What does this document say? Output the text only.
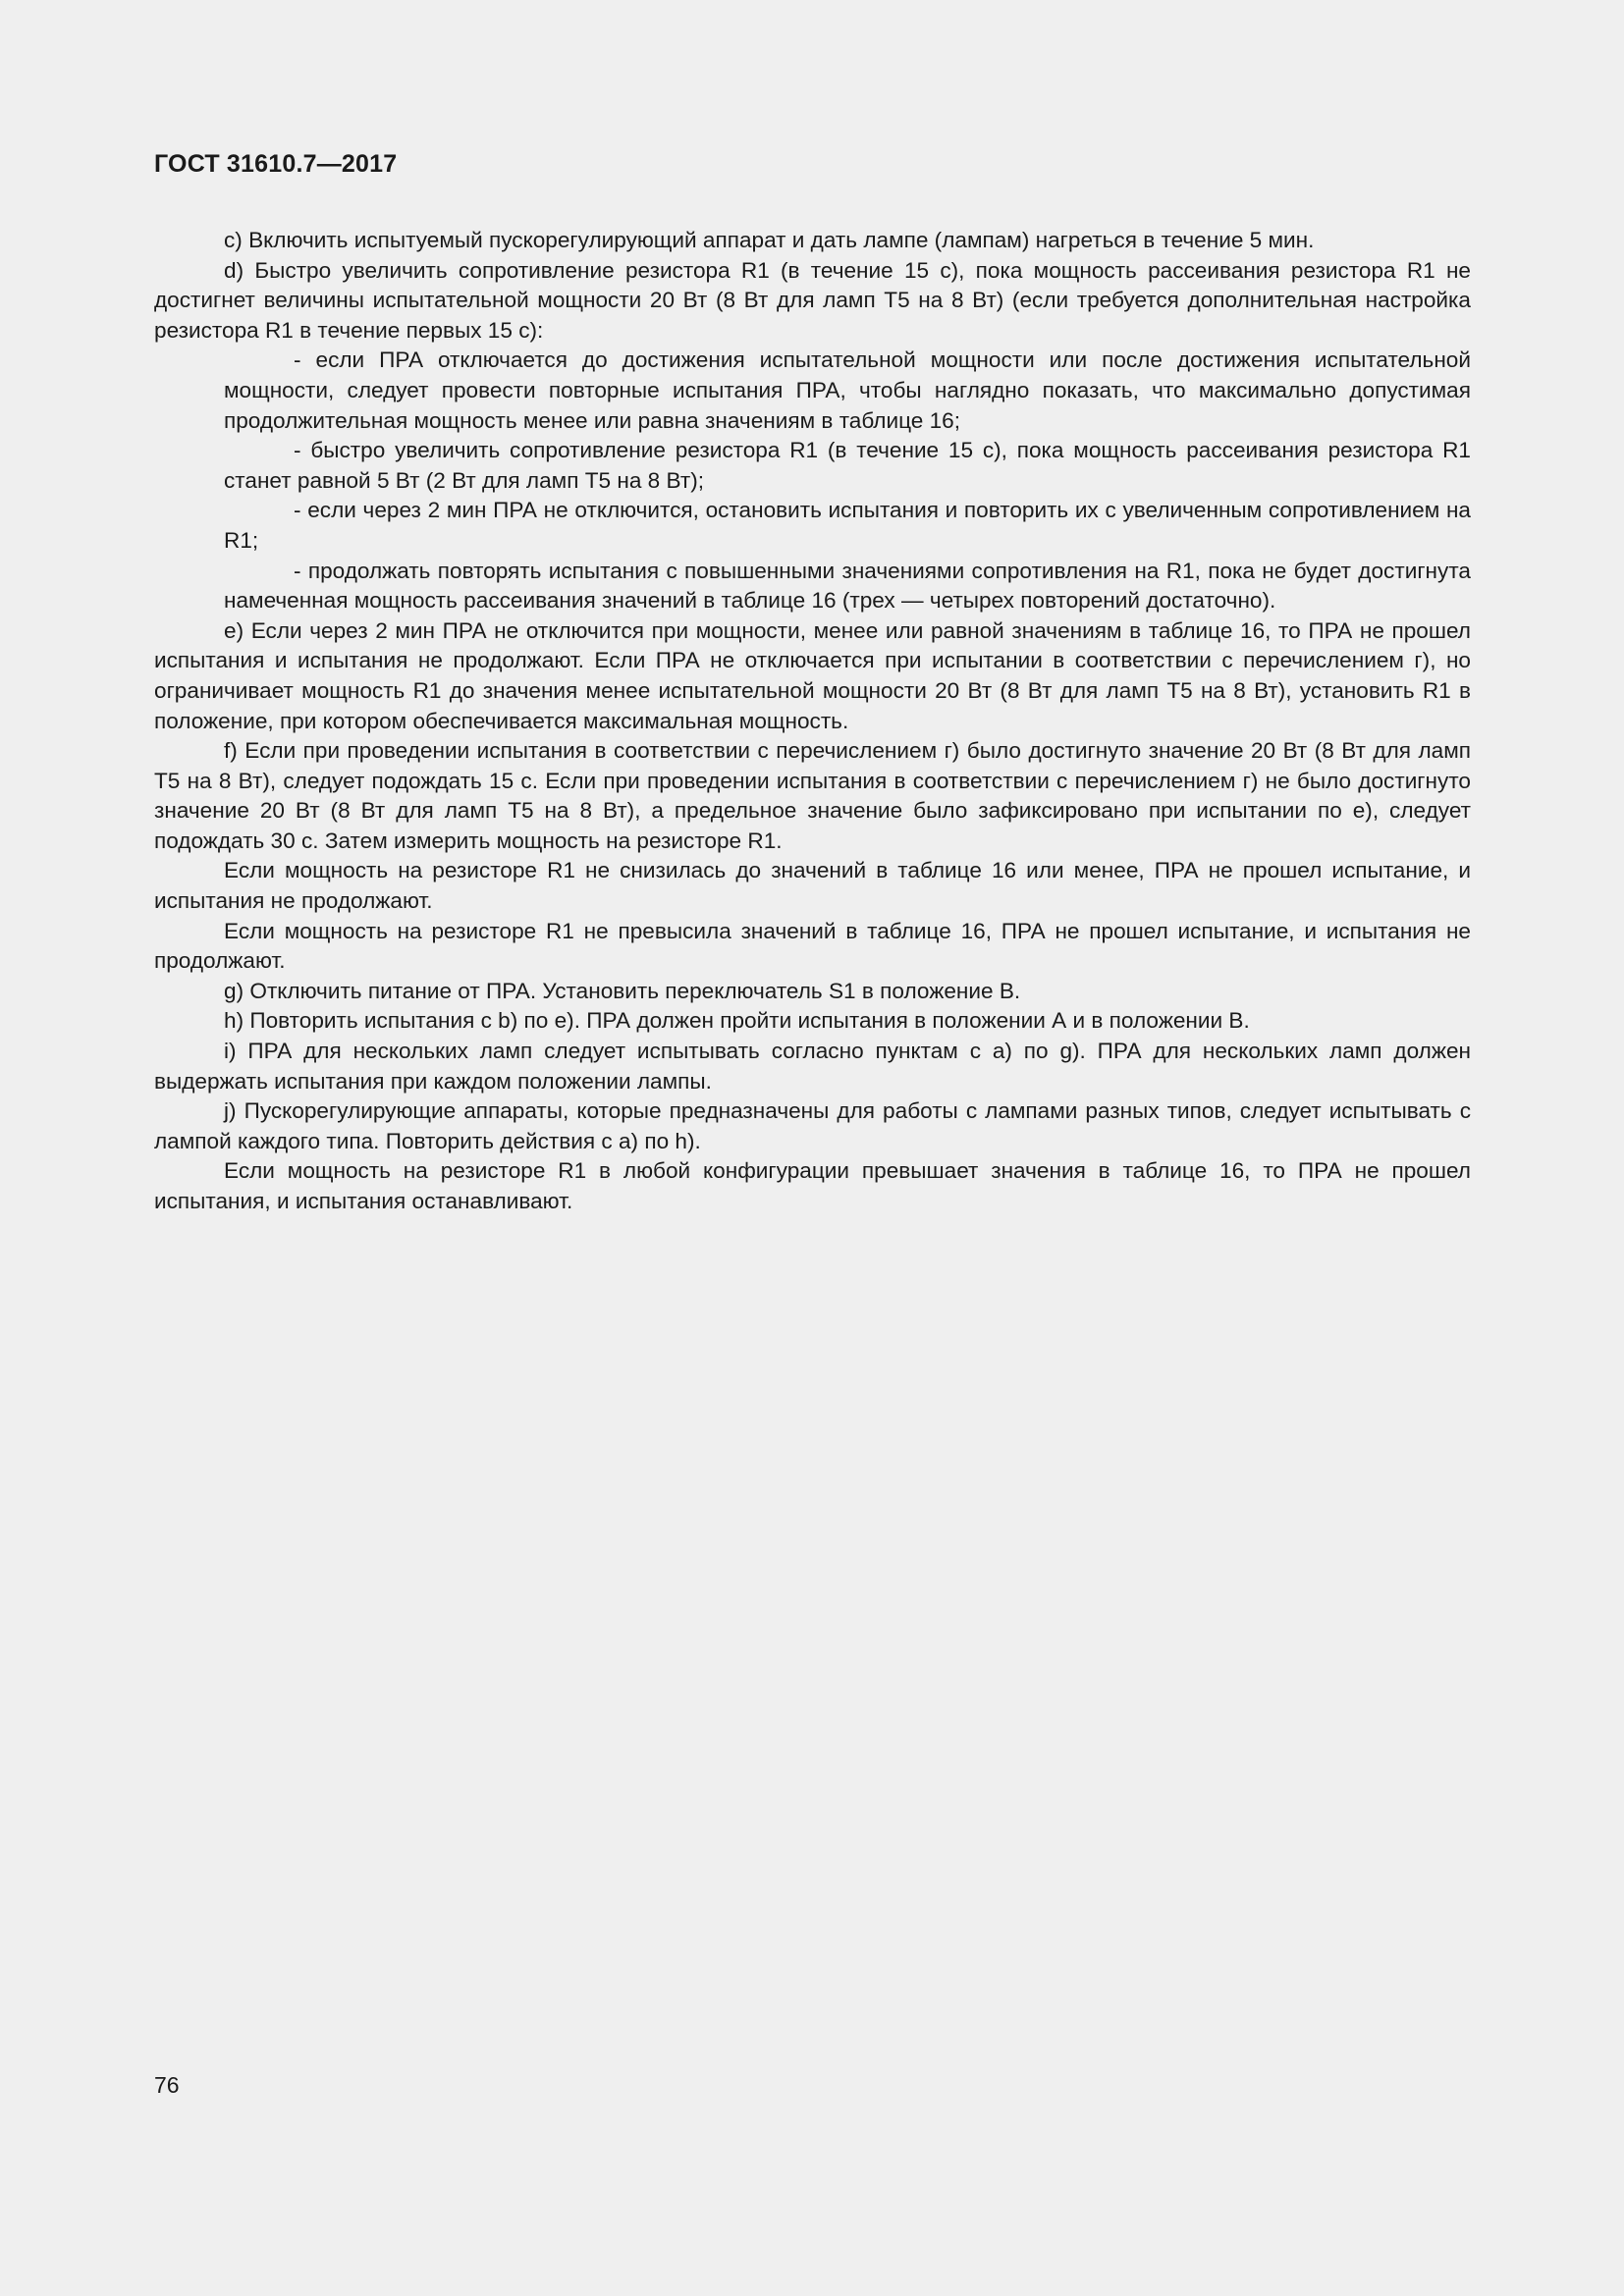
ГОСТ 31610.7—2017

c) Включить испытуемый пускорегулирующий аппарат и дать лампе (лампам) нагреться в течение 5 мин.

d) Быстро увеличить сопротивление резистора R1 (в течение 15 с), пока мощность рассеивания резистора R1 не достигнет величины испытательной мощности 20 Вт (8 Вт для ламп Т5 на 8 Вт) (если требуется дополнительная настройка резистора R1 в течение первых 15 с):

- если ПРА отключается до достижения испытательной мощности или после достижения испытательной мощности, следует провести повторные испытания ПРА, чтобы наглядно показать, что максимально допустимая продолжительная мощность менее или равна значениям в таблице 16;

- быстро увеличить сопротивление резистора R1 (в течение 15 с), пока мощность рассеивания резистора R1 станет равной 5 Вт (2 Вт для ламп Т5 на 8 Вт);

- если через 2 мин ПРА не отключится, остановить испытания и повторить их с увеличенным сопротивлением на R1;

- продолжать повторять испытания с повышенными значениями сопротивления на R1, пока не будет достигнута намеченная мощность рассеивания значений в таблице 16 (трех — четырех повторений достаточно).

e) Если через 2 мин ПРА не отключится при мощности, менее или равной значениям в таблице 16, то ПРА не прошел испытания и испытания не продолжают. Если ПРА не отключается при испытании в соответствии с перечислением г), но ограничивает мощность R1 до значения менее испытательной мощности 20 Вт (8 Вт для ламп Т5 на 8 Вт), установить R1 в положение, при котором обеспечивается максимальная мощность.

f) Если при проведении испытания в соответствии с перечислением г) было достигнуто значение 20 Вт (8 Вт для ламп Т5 на 8 Вт), следует подождать 15 с. Если при проведении испытания в соответствии с перечислением г) не было достигнуто значение 20 Вт (8 Вт для ламп Т5 на 8 Вт), а предельное значение было зафиксировано при испытании по е), следует подождать 30 с. Затем измерить мощность на резисторе R1.

Если мощность на резисторе R1 не снизилась до значений в таблице 16 или менее, ПРА не прошел испытание, и испытания не продолжают.

Если мощность на резисторе R1 не превысила значений в таблице 16, ПРА не прошел испытание, и испытания не продолжают.

g) Отключить питание от ПРА. Установить переключатель S1 в положение В.

h) Повторить испытания с b) по е). ПРА должен пройти испытания в положении А и в положении В.

i) ПРА для нескольких ламп следует испытывать согласно пунктам с а) по g). ПРА для нескольких ламп должен выдержать испытания при каждом положении лампы.

j) Пускорегулирующие аппараты, которые предназначены для работы с лампами разных типов, следует испытывать с лампой каждого типа. Повторить действия с а) по h).

Если мощность на резисторе R1 в любой конфигурации превышает значения в таблице 16, то ПРА не прошел испытания, и испытания останавливают.

76
